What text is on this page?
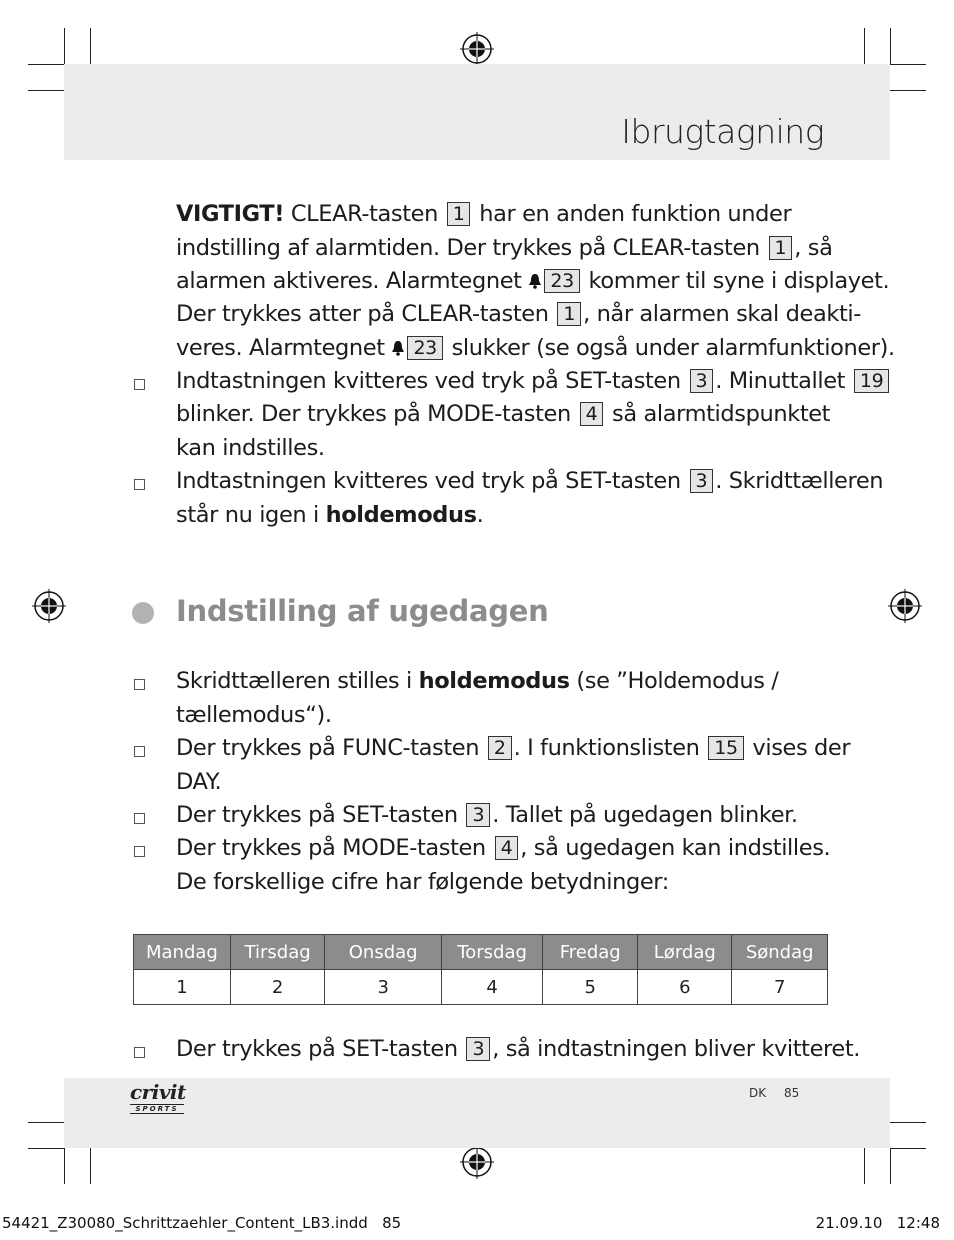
Ibrugtagning
VIGTIGT! CLEAR-tasten 1 har en anden funktion under
indstilling af alarmtiden. Der trykkes på CLEAR-tasten 1 , så
alarmen aktiveres. Alarmtegnet 23 kommer til syne i displayet.
Der trykkes atter på CLEAR-tasten 1 , når alarmen skal deakti-
veres. Alarmtegnet 23 slukker (se også under alarmfunktioner).
Indtastningen kvitteres ved tryk på SET-tasten 3 . Minuttallet 19
blinker. Der trykkes på MODE-tasten 4 så alarmtidspunktet
kan indstilles.
Indtastningen kvitteres ved tryk på SET-tasten 3 . Skridttælleren
står nu igen i holdemodus.
Indstilling af ugedagen
Skridttælleren stilles i holdemodus (se ”Holdemodus /
tællemodus“).
Der trykkes på FUNC-tasten 2 . I funktionslisten 15 vises der
DAY.
Der trykkes på SET-tasten 3 . Tallet på ugedagen blinker.
Der trykkes på MODE-tasten 4 , så ugedagen kan indstilles.
De forskellige cifre har følgende betydninger:
Mandag	Tirsdag	Onsdag	Torsdag	Fredag	Lørdag	Søndag
1	2	3	4	5	6	7
Der trykkes på SET-tasten 3 , så indtastningen bliver kvitteret.
crivit
SPORTS
DK 85
54421_Z30080_Schrittzaehler_Content_LB3.indd   85	21.09.10   12:48
